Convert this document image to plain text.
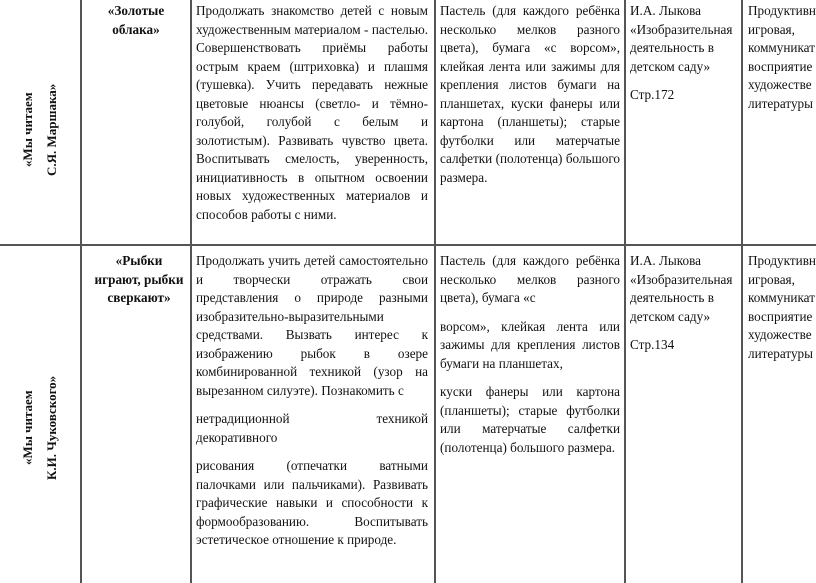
«Мы читаем С.Я. Маршака»
«Золотые облака»
Продолжать знакомство детей с новым художественным материалом - пастелью. Совершенствовать приёмы работы острым краем (штриховка) и плашмя (тушевка). Учить передавать нежные цветовые нюансы (светло- и тёмно-голубой, голубой с белым и золотистым). Развивать чувство цвета. Воспитывать смелость, уверенность, инициативность в опытном освоении новых художественных материалов и способов работы с ними.
Пастель (для каждого ребёнка несколько мелков разного цвета), бумага «с ворсом», клейкая лента или зажимы для крепления листов бумаги на планшетах, куски фанеры или картона (планшеты); старые футболки или матерчатые салфетки (полотенца) большого размера.

И.А. Лыкова «Изобразительная деятельность в детском саду»

Стр.172

Продуктивн
игровая,
коммуникат
восприятие
художестве
литературы
«Мы читаем К.И. Чуковского»
«Рыбки играют, рыбки сверкают»

Продолжать учить детей самостоятельно и творчески отражать свои представления о природе разными изобразительно-выразительными средствами. Вызвать интерес к изображению рыбок в озере комбинированной техникой (узор на вырезанном силуэте). Познакомить с

нетрадиционной техникой декоративного

рисования (отпечатки ватными палочками или пальчиками). Развивать графические навыки и способности к формообразованию. Воспитывать эстетическое отношение к природе.

Пастель (для каждого ребёнка несколько мелков разного цвета), бумага «с

ворсом», клейкая лента или зажимы для крепления листов бумаги на планшетах,

куски фанеры или картона (планшеты); старые футболки или матерчатые салфетки (полотенца) большого размера.

И.А. Лыкова «Изобразительная деятельность в детском саду»

Стр.134

Продуктивн
игровая,
коммуникат
восприятие
художестве
литературы
